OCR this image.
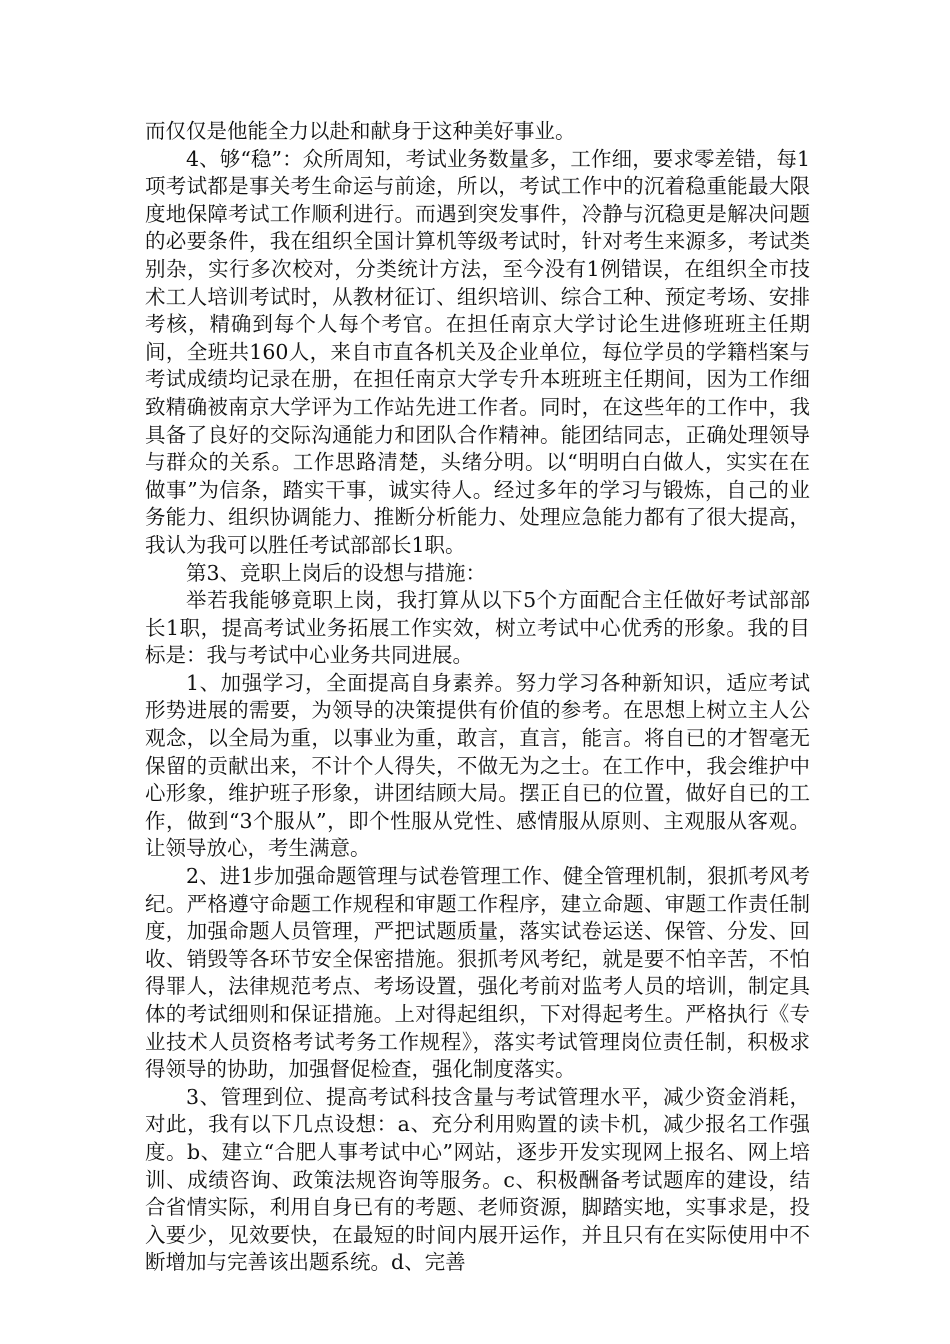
而仅仅是他能全力以赴和献身于这种美好事业。

4、够“稳”：众所周知，考试业务数量多，工作细，要求零差错，每1项考试都是事关考生命运与前途，所以，考试工作中的沉着稳重能最大限度地保障考试工作顺利进行。而遇到突发事件，冷静与沉稳更是解决问题的必要条件，我在组织全国计算机等级考试时，针对考生来源多，考试类别杂，实行多次校对，分类统计方法，至今没有1例错误，在组织全市技术工人培训考试时，从教材征订、组织培训、综合工种、预定考场、安排考核，精确到每个人每个考官。在担任南京大学讨论生进修班班主任期间，全班共160人，来自市直各机关及企业单位，每位学员的学籍档案与考试成绩均记录在册，在担任南京大学专升本班班主任期间，因为工作细致精确被南京大学评为工作站先进工作者。同时，在这些年的工作中，我具备了良好的交际沟通能力和团队合作精神。能团结同志，正确处理领导与群众的关系。工作思路清楚，头绪分明。以“明明白白做人，实实在在做事”为信条，踏实干事，诚实待人。经过多年的学习与锻炼，自己的业务能力、组织协调能力、推断分析能力、处理应急能力都有了很大提高，我认为我可以胜任考试部部长1职。

第3、竞职上岗后的设想与措施：

举若我能够竟职上岗，我打算从以下5个方面配合主任做好考试部部长1职，提高考试业务拓展工作实效，树立考试中心优秀的形象。我的目标是：我与考试中心业务共同进展。

1、加强学习，全面提高自身素养。努力学习各种新知识，适应考试形势进展的需要，为领导的决策提供有价值的参考。在思想上树立主人公观念，以全局为重，以事业为重，敢言，直言，能言。将自已的才智毫无保留的贡献出来，不计个人得失，不做无为之士。在工作中，我会维护中心形象，维护班子形象，讲团结顾大局。摆正自已的位置，做好自已的工作，做到“3个服从”，即个性服从党性、感情服从原则、主观服从客观。让领导放心，考生满意。

2、进1步加强命题管理与试卷管理工作、健全管理机制，狠抓考风考纪。严格遵守命题工作规程和审题工作程序，建立命题、审题工作责任制度，加强命题人员管理，严把试题质量，落实试卷运送、保管、分发、回收、销毁等各环节安全保密措施。狠抓考风考纪，就是要不怕辛苦，不怕得罪人，法律规范考点、考场设置，强化考前对监考人员的培训，制定具体的考试细则和保证措施。上对得起组织，下对得起考生。严格执行《专业技术人员资格考试考务工作规程》，落实考试管理岗位责任制，积极求得领导的协助，加强督促检查，强化制度落实。

3、管理到位、提高考试科技含量与考试管理水平，减少资金消耗，对此，我有以下几点设想：a、充分利用购置的读卡机，减少报名工作强度。b、建立“合肥人事考试中心”网站，逐步开发实现网上报名、网上培训、成绩咨询、政策法规咨询等服务。c、积极酬备考试题库的建设，结合省情实际，利用自身已有的考题、老师资源，脚踏实地，实事求是，投入要少，见效要快，在最短的时间内展开运作，并且只有在实际使用中不断增加与完善该出题系统。d、完善
